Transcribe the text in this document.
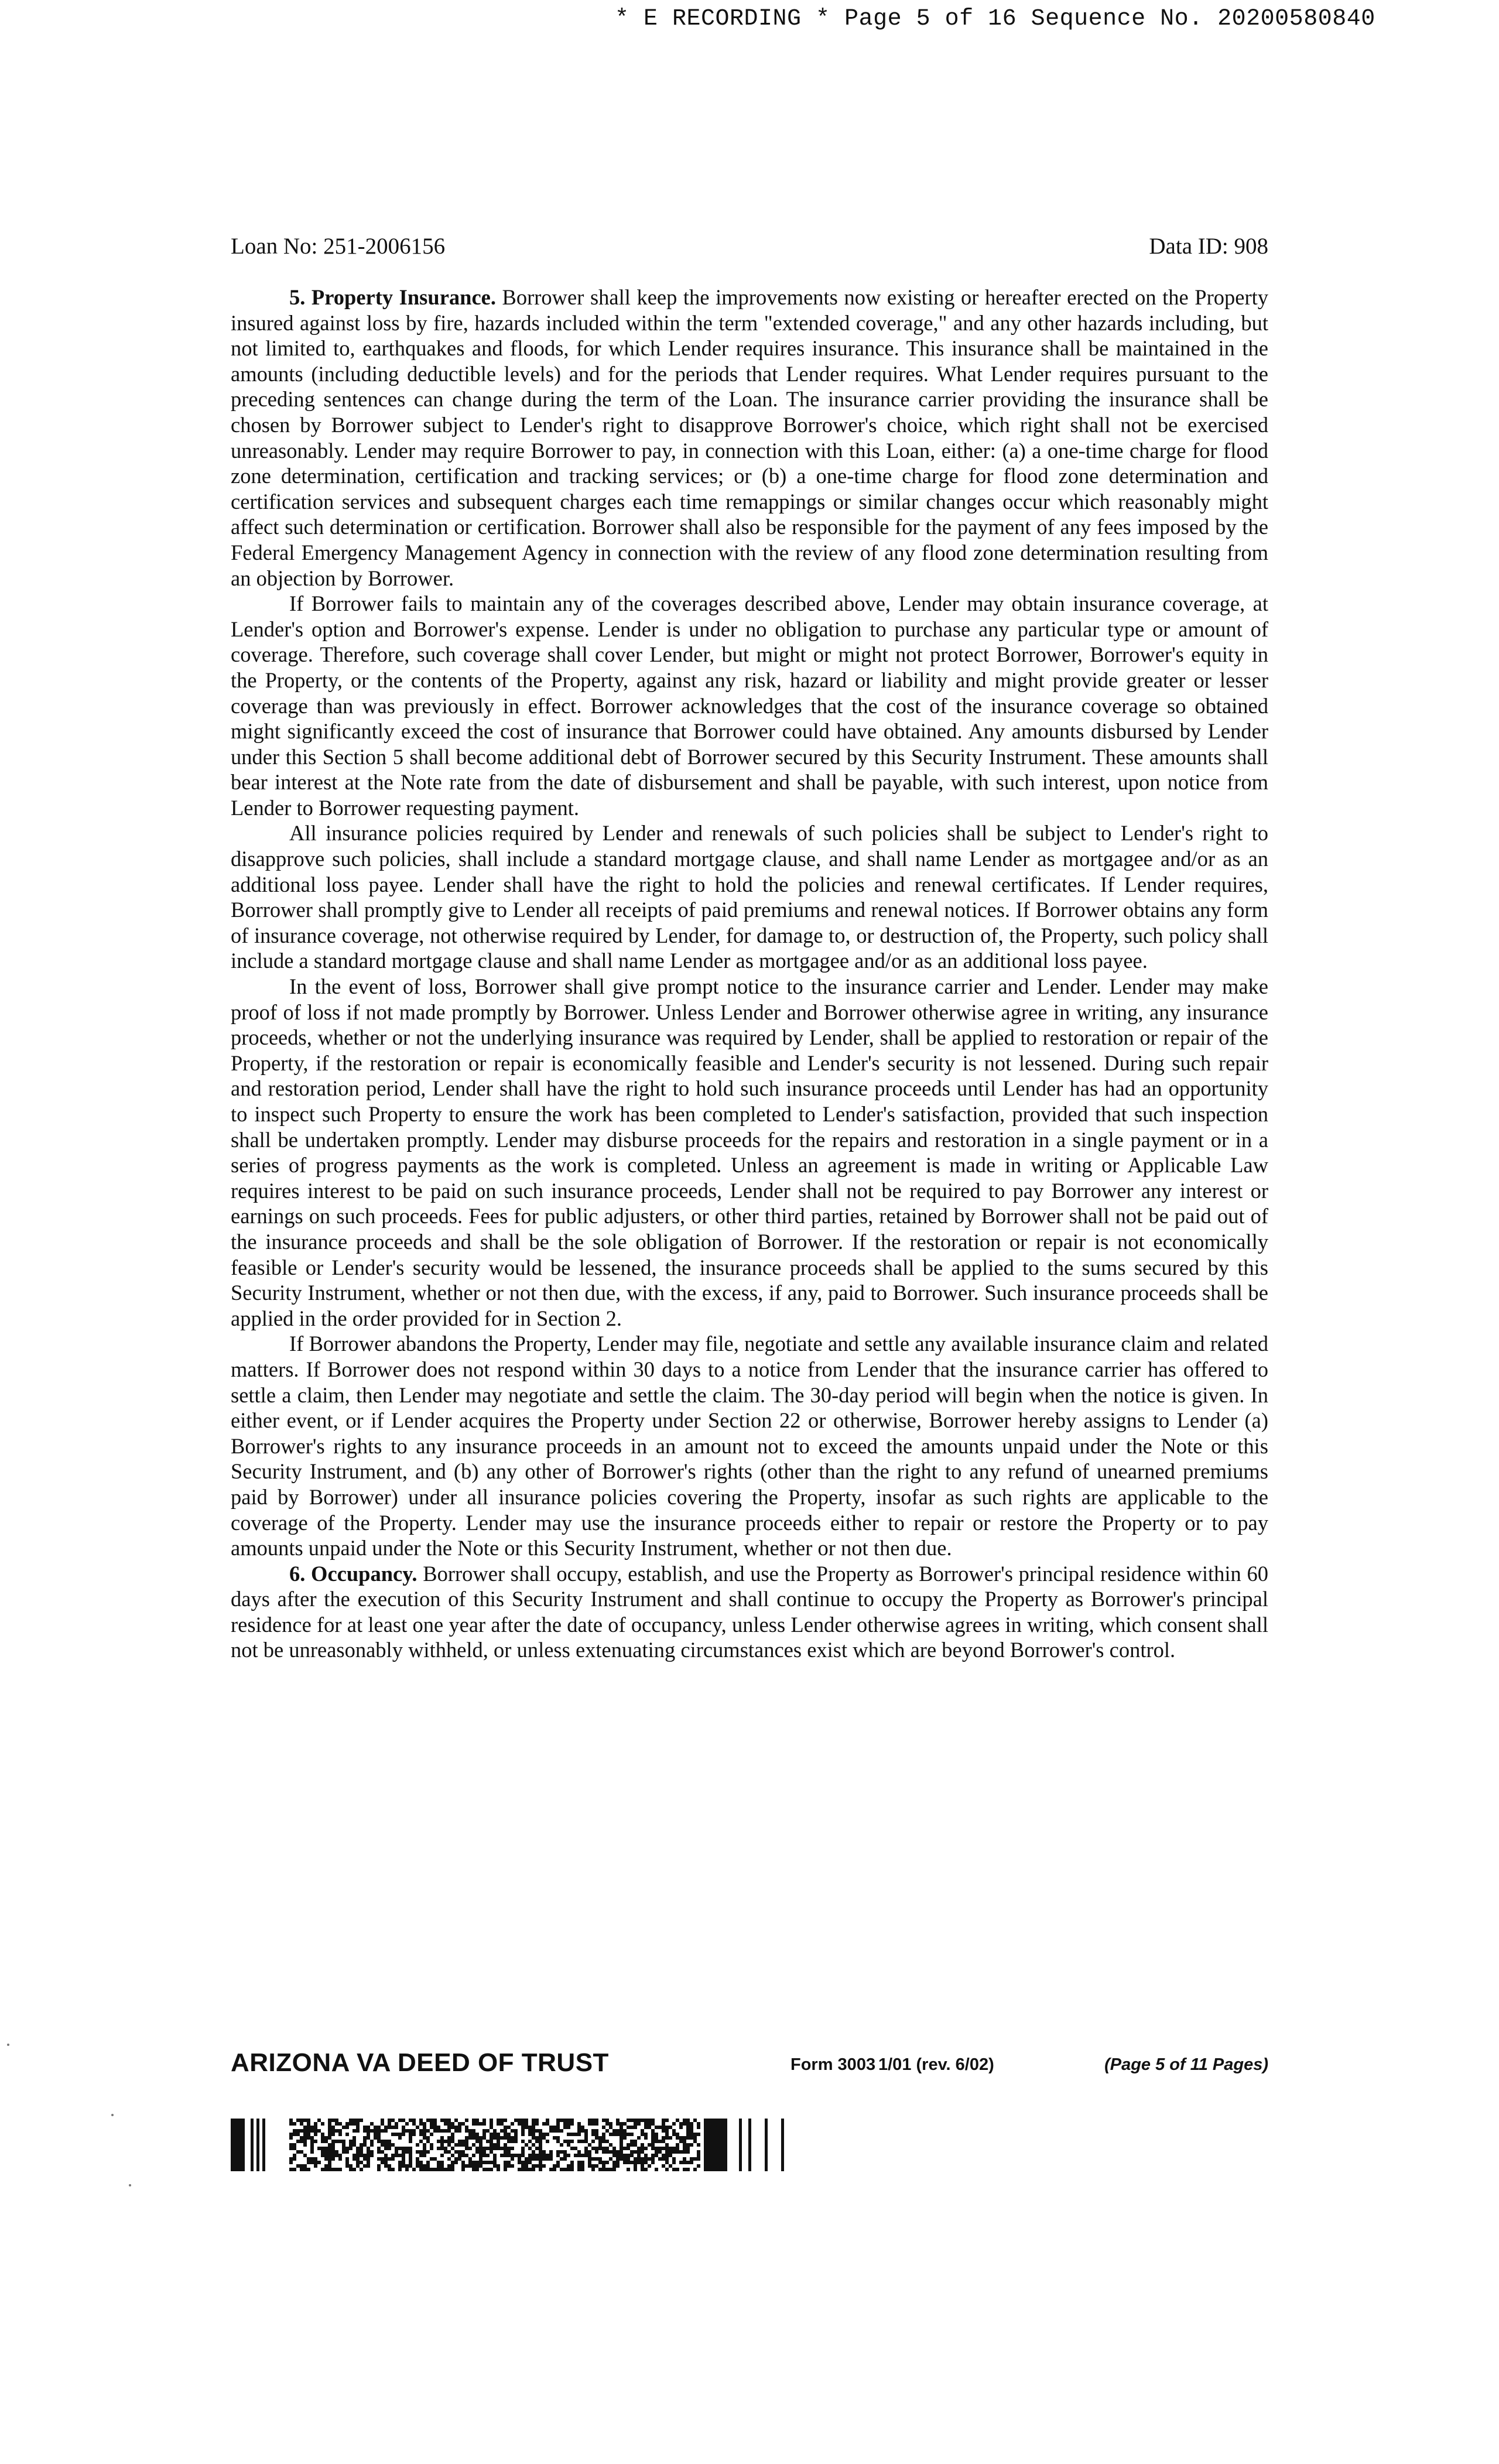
* E RECORDING * Page 5 of 16 Sequence No. 20200580840
Loan No: 251-2006156	Data ID: 908

5. Property Insurance. Borrower shall keep the improvements now existing or hereafter erected on the Property insured against loss by fire, hazards included within the term "extended coverage," and any other hazards including, but not limited to, earthquakes and floods, for which Lender requires insurance. This insurance shall be maintained in the amounts (including deductible levels) and for the periods that Lender requires. What Lender requires pursuant to the preceding sentences can change during the term of the Loan. The insurance carrier providing the insurance shall be chosen by Borrower subject to Lender's right to disapprove Borrower's choice, which right shall not be exercised unreasonably. Lender may require Borrower to pay, in connection with this Loan, either: (a) a one-time charge for flood zone determination, certification and tracking services; or (b) a one-time charge for flood zone determination and certification services and subsequent charges each time remappings or similar changes occur which reasonably might affect such determination or certification. Borrower shall also be responsible for the payment of any fees imposed by the Federal Emergency Management Agency in connection with the review of any flood zone determination resulting from an objection by Borrower.

If Borrower fails to maintain any of the coverages described above, Lender may obtain insurance coverage, at Lender's option and Borrower's expense. Lender is under no obligation to purchase any particular type or amount of coverage. Therefore, such coverage shall cover Lender, but might or might not protect Borrower, Borrower's equity in the Property, or the contents of the Property, against any risk, hazard or liability and might provide greater or lesser coverage than was previously in effect. Borrower acknowledges that the cost of the insurance coverage so obtained might significantly exceed the cost of insurance that Borrower could have obtained. Any amounts disbursed by Lender under this Section 5 shall become additional debt of Borrower secured by this Security Instrument. These amounts shall bear interest at the Note rate from the date of disbursement and shall be payable, with such interest, upon notice from Lender to Borrower requesting payment.

All insurance policies required by Lender and renewals of such policies shall be subject to Lender's right to disapprove such policies, shall include a standard mortgage clause, and shall name Lender as mortgagee and/or as an additional loss payee. Lender shall have the right to hold the policies and renewal certificates. If Lender requires, Borrower shall promptly give to Lender all receipts of paid premiums and renewal notices. If Borrower obtains any form of insurance coverage, not otherwise required by Lender, for damage to, or destruction of, the Property, such policy shall include a standard mortgage clause and shall name Lender as mortgagee and/or as an additional loss payee.

In the event of loss, Borrower shall give prompt notice to the insurance carrier and Lender. Lender may make proof of loss if not made promptly by Borrower. Unless Lender and Borrower otherwise agree in writing, any insurance proceeds, whether or not the underlying insurance was required by Lender, shall be applied to restoration or repair of the Property, if the restoration or repair is economically feasible and Lender's security is not lessened. During such repair and restoration period, Lender shall have the right to hold such insurance proceeds until Lender has had an opportunity to inspect such Property to ensure the work has been completed to Lender's satisfaction, provided that such inspection shall be undertaken promptly. Lender may disburse proceeds for the repairs and restoration in a single payment or in a series of progress payments as the work is completed. Unless an agreement is made in writing or Applicable Law requires interest to be paid on such insurance proceeds, Lender shall not be required to pay Borrower any interest or earnings on such proceeds. Fees for public adjusters, or other third parties, retained by Borrower shall not be paid out of the insurance proceeds and shall be the sole obligation of Borrower. If the restoration or repair is not economically feasible or Lender's security would be lessened, the insurance proceeds shall be applied to the sums secured by this Security Instrument, whether or not then due, with the excess, if any, paid to Borrower. Such insurance proceeds shall be applied in the order provided for in Section 2.

If Borrower abandons the Property, Lender may file, negotiate and settle any available insurance claim and related matters. If Borrower does not respond within 30 days to a notice from Lender that the insurance carrier has offered to settle a claim, then Lender may negotiate and settle the claim. The 30-day period will begin when the notice is given. In either event, or if Lender acquires the Property under Section 22 or otherwise, Borrower hereby assigns to Lender (a) Borrower's rights to any insurance proceeds in an amount not to exceed the amounts unpaid under the Note or this Security Instrument, and (b) any other of Borrower's rights (other than the right to any refund of unearned premiums paid by Borrower) under all insurance policies covering the Property, insofar as such rights are applicable to the coverage of the Property. Lender may use the insurance proceeds either to repair or restore the Property or to pay amounts unpaid under the Note or this Security Instrument, whether or not then due.

6. Occupancy. Borrower shall occupy, establish, and use the Property as Borrower's principal residence within 60 days after the execution of this Security Instrument and shall continue to occupy the Property as Borrower's principal residence for at least one year after the date of occupancy, unless Lender otherwise agrees in writing, which consent shall not be unreasonably withheld, or unless extenuating circumstances exist which are beyond Borrower's control.

ARIZONA VA DEED OF TRUST	Form 3003 1/01 (rev. 6/02)	(Page 5 of 11 Pages)
